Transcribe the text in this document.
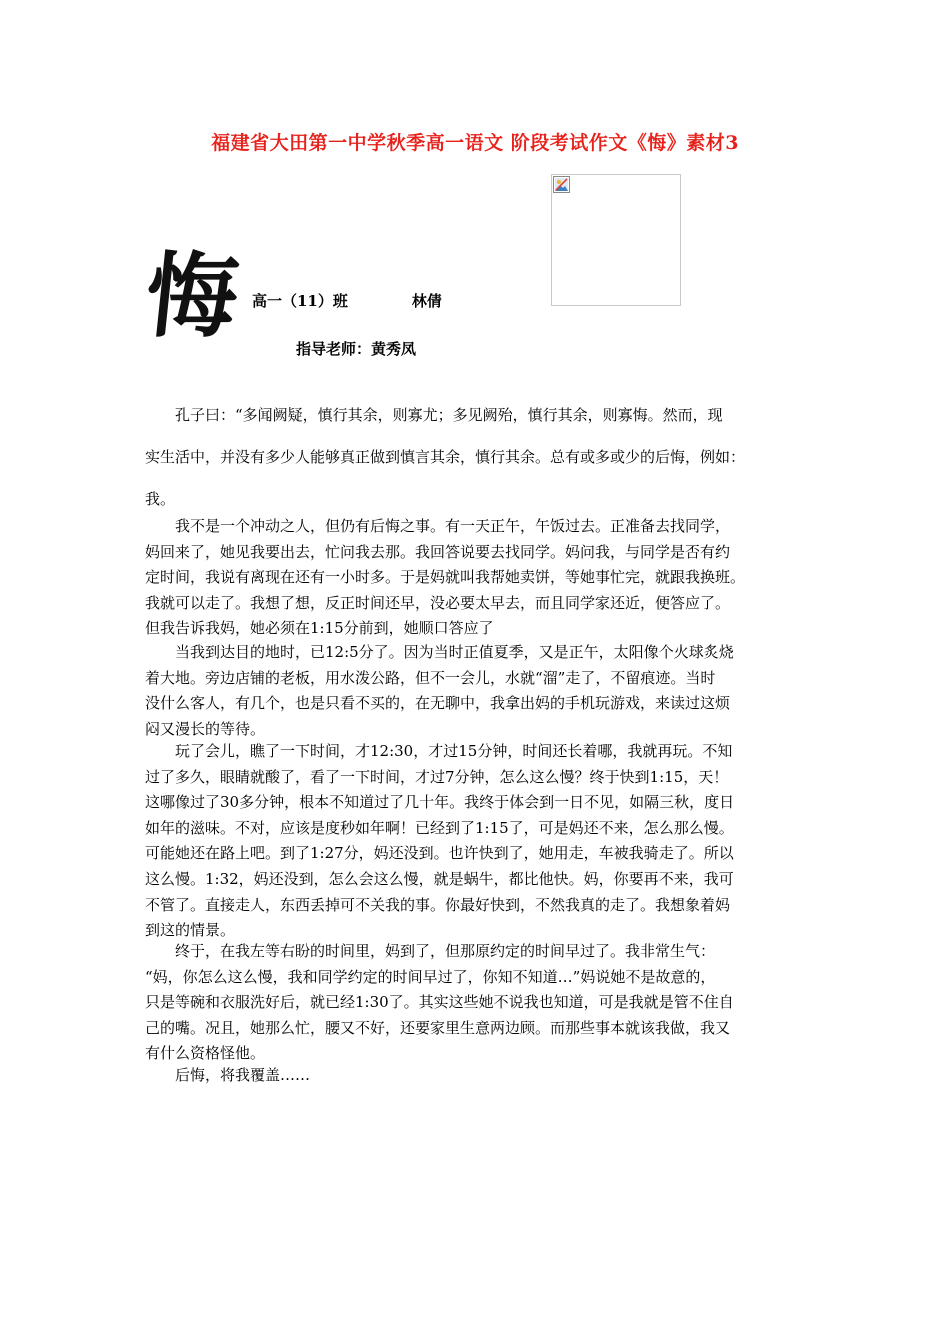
福建省大田第一中学秋季高一语文 阶段考试作文《悔》素材3
悔 高一（11）班	林倩
指导老师：黄秀凤
　　孔子曰：“多闻阙疑，慎行其余，则寡尤；多见阙殆，慎行其余，则寡悔。然而，现
实生活中，并没有多少人能够真正做到慎言其余，慎行其余。总有或多或少的后悔，例如：
我。
　　我不是一个冲动之人，但仍有后悔之事。有一天正午，午饭过去。正准备去找同学，
妈回来了，她见我要出去，忙问我去那。我回答说要去找同学。妈问我，与同学是否有约
定时间，我说有离现在还有一小时多。于是妈就叫我帮她卖饼，等她事忙完，就跟我换班。
我就可以走了。我想了想，反正时间还早，没必要太早去，而且同学家还近，便答应了。
但我告诉我妈，她必须在1:15分前到，她顺口答应了
　　当我到达目的地时，已12:5分了。因为当时正值夏季，又是正午，太阳像个火球炙烧
着大地。旁边店铺的老板，用水泼公路，但不一会儿，水就“溜”走了，不留痕迹。当时
没什么客人，有几个，也是只看不买的，在无聊中，我拿出妈的手机玩游戏，来读过这烦
闷又漫长的等待。
　　玩了会儿，瞧了一下时间，才12:30，才过15分钟，时间还长着哪，我就再玩。不知
过了多久，眼睛就酸了，看了一下时间，才过7分钟，怎么这么慢？终于快到1:15，天！
这哪像过了30多分钟，根本不知道过了几十年。我终于体会到一日不见，如隔三秋，度日
如年的滋味。不对，应该是度秒如年啊！已经到了1:15了，可是妈还不来，怎么那么慢。
可能她还在路上吧。到了1:27分，妈还没到。也许快到了，她用走，车被我骑走了。所以
这么慢。1:32，妈还没到，怎么会这么慢，就是蜗牛，都比他快。妈，你要再不来，我可
不管了。直接走人，东西丢掉可不关我的事。你最好快到，不然我真的走了。我想象着妈
到这的情景。
　　终于，在我左等右盼的时间里，妈到了，但那原约定的时间早过了。我非常生气：
“妈，你怎么这么慢，我和同学约定的时间早过了，你知不知道…”妈说她不是故意的，
只是等碗和衣服洗好后，就已经1:30了。其实这些她不说我也知道，可是我就是管不住自
己的嘴。况且，她那么忙，腰又不好，还要家里生意两边顾。而那些事本就该我做，我又
有什么资格怪他。
　　后悔，将我覆盖……
